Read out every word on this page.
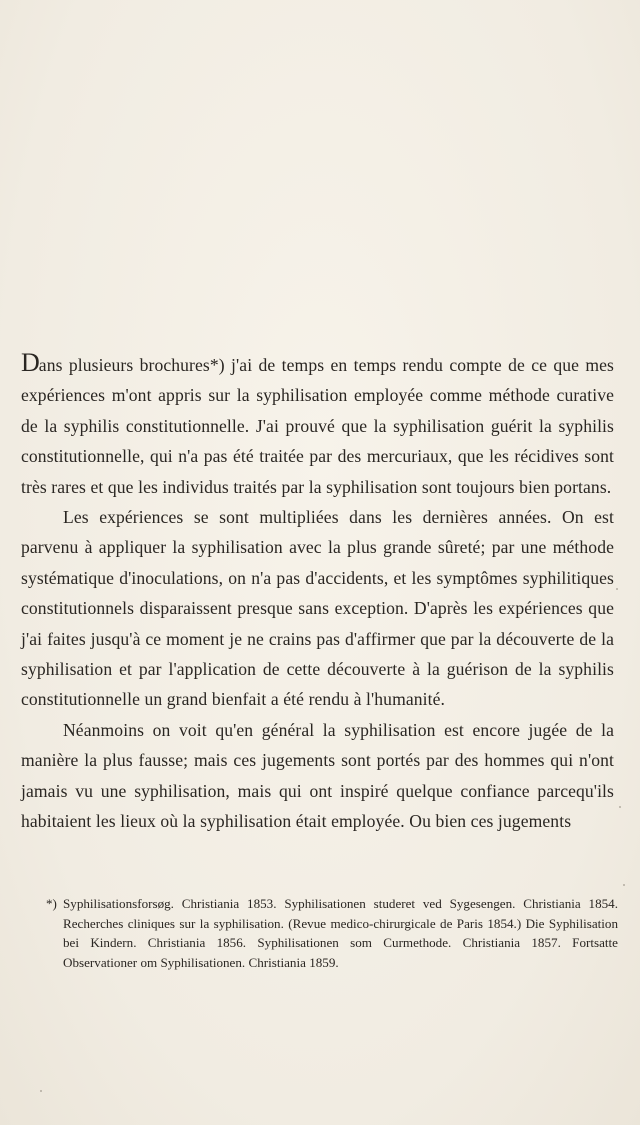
Dans plusieurs brochures*) j'ai de temps en temps rendu compte de ce que mes expériences m'ont appris sur la syphilisation employée comme méthode curative de la syphilis constitutionnelle. J'ai prouvé que la syphilisation guérit la syphilis constitutionnelle, qui n'a pas été traitée par des mercuriaux, que les récidives sont très rares et que les individus traités par la syphilisation sont toujours bien portans.

Les expériences se sont multipliées dans les dernières années. On est parvenu à appliquer la syphilisation avec la plus grande sûreté; par une méthode systématique d'inoculations, on n'a pas d'accidents, et les symptômes syphilitiques constitutionnels disparaissent presque sans exception. D'après les expériences que j'ai faites jusqu'à ce moment je ne crains pas d'affirmer que par la découverte de la syphilisation et par l'application de cette découverte à la guérison de la syphilis constitutionnelle un grand bienfait a été rendu à l'humanité.

Néanmoins on voit qu'en général la syphilisation est encore jugée de la manière la plus fausse; mais ces jugements sont portés par des hommes qui n'ont jamais vu une syphilisation, mais qui ont inspiré quelque confiance parcequ'ils habitaient les lieux où la syphilisation était employée. Ou bien ces jugements

*) Syphilisationsforsøg. Christiania 1853. Syphilisationen studeret ved Sygesengen. Christiania 1854. Recherches cliniques sur la syphilisation. (Revue medico-chirurgicale de Paris 1854.) Die Syphilisation bei Kindern. Christiania 1856. Syphilisationen som Curmethode. Christiania 1857. Fortsatte Observationer om Syphilisationen. Christiania 1859.
